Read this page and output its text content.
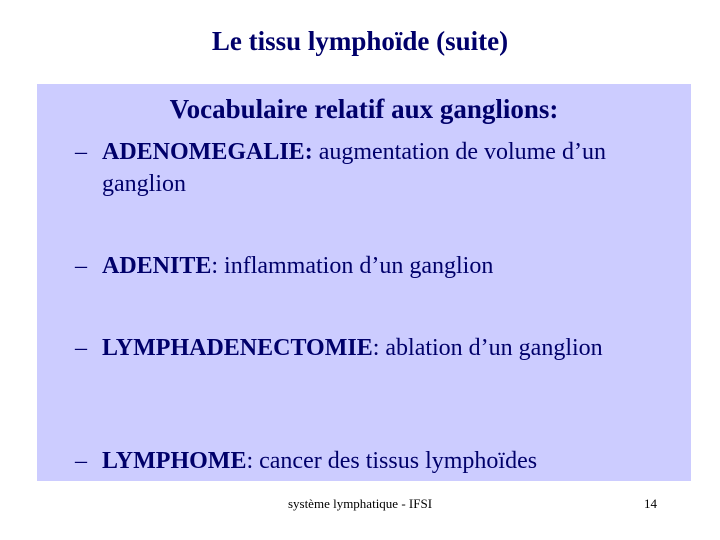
Le tissu lymphoïde (suite)
Vocabulaire relatif aux ganglions:
– ADENOMEGALIE: augmentation de volume d’un ganglion
– ADENITE: inflammation d’un ganglion
– LYMPHADENECTOMIE: ablation d’un ganglion
– LYMPHOME: cancer des tissus lymphoïdes
système lymphatique - IFSI	14
